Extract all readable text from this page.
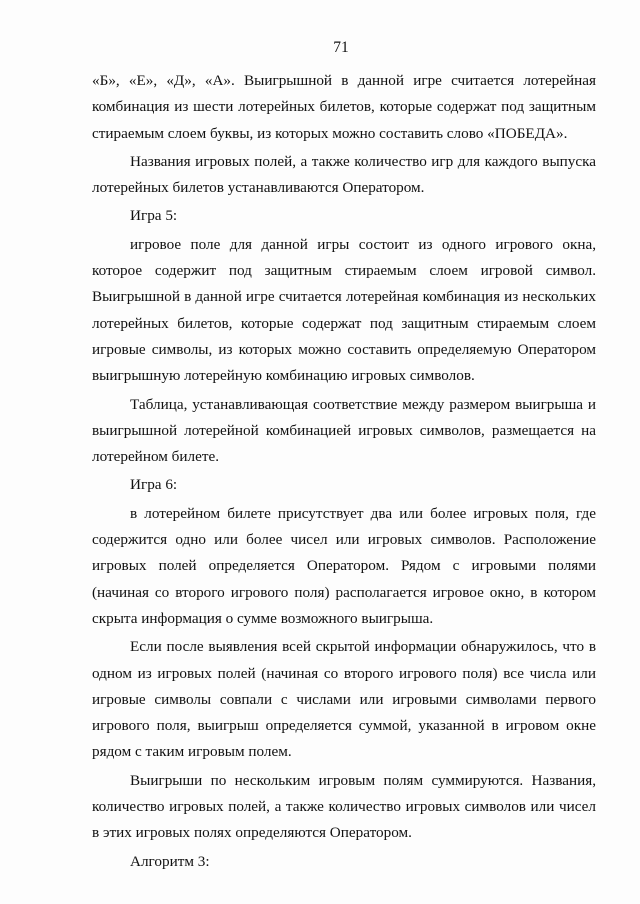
71

«Б», «Е», «Д», «А». Выигрышной в данной игре считается лотерейная комбинация из шести лотерейных билетов, которые содержат под защитным стираемым слоем буквы, из которых можно составить слово «ПОБЕДА».

Названия игровых полей, а также количество игр для каждого выпуска лотерейных билетов устанавливаются Оператором.

Игра 5:

игровое поле для данной игры состоит из одного игрового окна, которое содержит под защитным стираемым слоем игровой символ. Выигрышной в данной игре считается лотерейная комбинация из нескольких лотерейных билетов, которые содержат под защитным стираемым слоем игровые символы, из которых можно составить определяемую Оператором выигрышную лотерейную комбинацию игровых символов.

Таблица, устанавливающая соответствие между размером выигрыша и выигрышной лотерейной комбинацией игровых символов, размещается на лотерейном билете.

Игра 6:

в лотерейном билете присутствует два или более игровых поля, где содержится одно или более чисел или игровых символов. Расположение игровых полей определяется Оператором. Рядом с игровыми полями (начиная со второго игрового поля) располагается игровое окно, в котором скрыта информация о сумме возможного выигрыша.

Если после выявления всей скрытой информации обнаружилось, что в одном из игровых полей (начиная со второго игрового поля) все числа или игровые символы совпали с числами или игровыми символами первого игрового поля, выигрыш определяется суммой, указанной в игровом окне рядом с таким игровым полем.

Выигрыши по нескольким игровым полям суммируются. Названия, количество игровых полей, а также количество игровых символов или чисел в этих игровых полях определяются Оператором.

Алгоритм 3:
